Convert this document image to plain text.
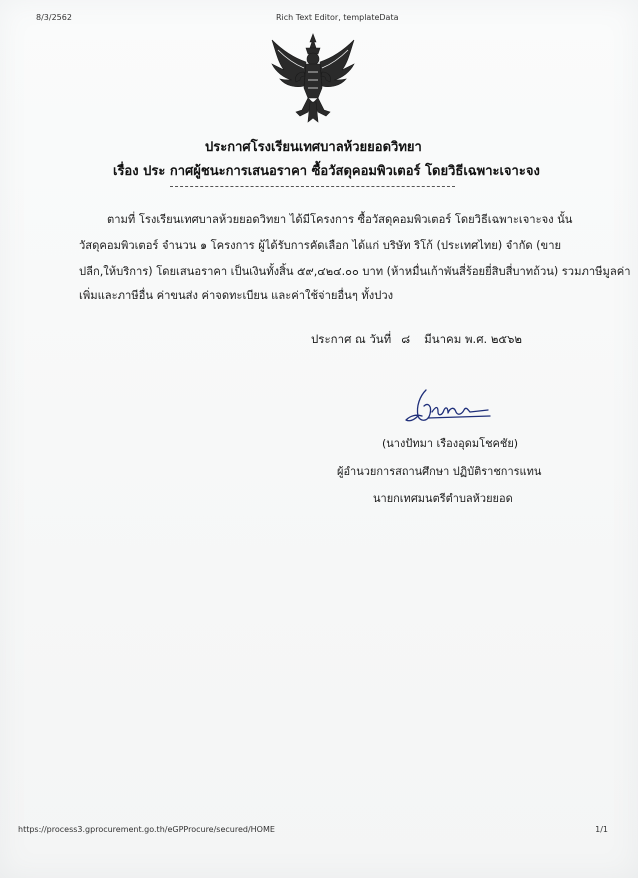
8/3/2562	Rich Text Editor, templateData
ประกาศโรงเรียนเทศบาลห้วยยอดวิทยา
เรื่อง ประ กาศผู้ชนะการเสนอราคา ซื้อวัสดุคอมพิวเตอร์ โดยวิธีเฉพาะเจาะจง
ตามที่ โรงเรียนเทศบาลห้วยยอดวิทยา ได้มีโครงการ ซื้อวัสดุคอมพิวเตอร์ โดยวิธีเฉพาะเจาะจง นั้น
วัสดุคอมพิวเตอร์ จำนวน ๑ โครงการ ผู้ได้รับการคัดเลือก ได้แก่ บริษัท ริโก้ (ประเทศไทย) จำกัด (ขาย
ปลีก,ให้บริการ) โดยเสนอราคา เป็นเงินทั้งสิ้น ๕๙,๔๒๔.๐๐ บาท (ห้าหมื่นเก้าพันสี่ร้อยยี่สิบสี่บาทถ้วน) รวมภาษีมูลค่า
เพิ่มและภาษีอื่น ค่าขนส่ง ค่าจดทะเบียน และค่าใช้จ่ายอื่นๆ ทั้งปวง
ประกาศ ณ วันที่ ๘ มีนาคม พ.ศ. ๒๕๖๒
(นางปัทมา เรืองอุดมโชคชัย)
ผู้อำนวยการสถานศึกษา ปฏิบัติราชการแทน
นายกเทศมนตรีตำบลห้วยยอด
https://process3.gprocurement.go.th/eGPProcure/secured/HOME	1/1
